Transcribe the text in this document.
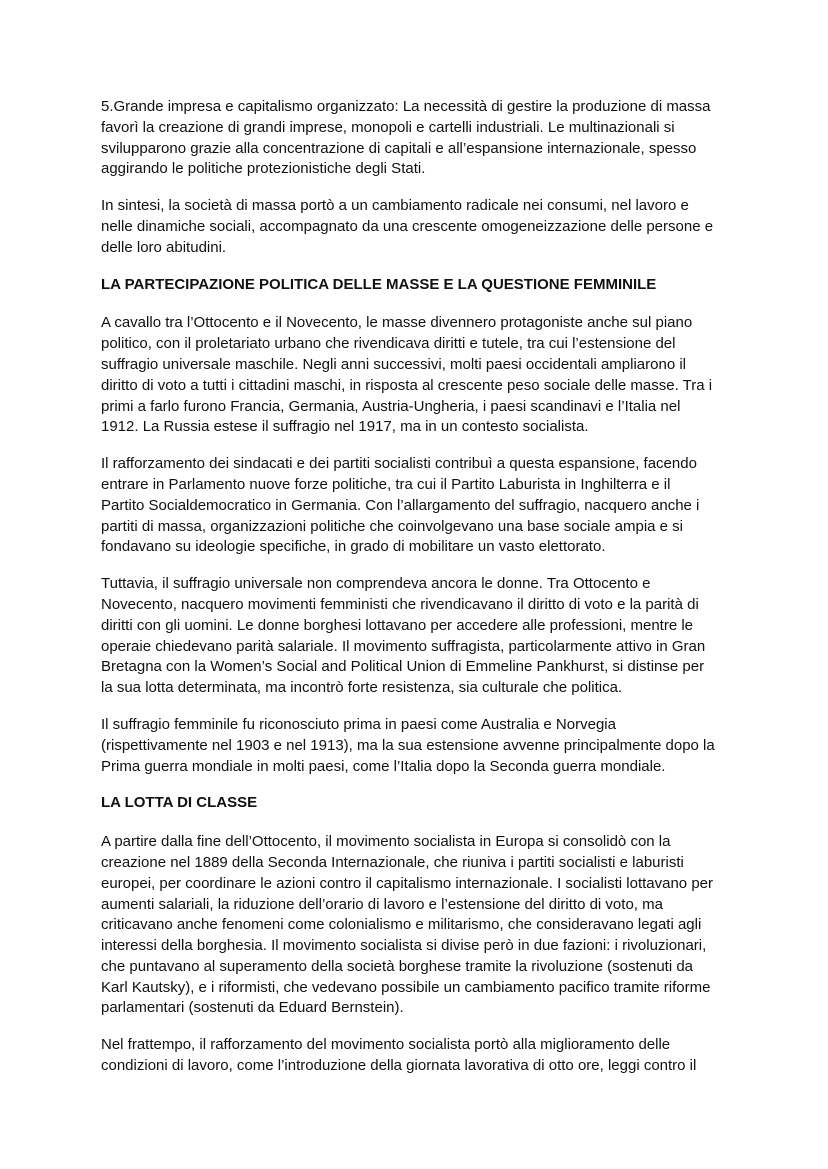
5.Grande impresa e capitalismo organizzato: La necessità di gestire la produzione di massa
favorì la creazione di grandi imprese, monopoli e cartelli industriali. Le multinazionali si
svilupparono grazie alla concentrazione di capitali e all’espansione internazionale, spesso
aggirando le politiche protezionistiche degli Stati.
In sintesi, la società di massa portò a un cambiamento radicale nei consumi, nel lavoro e
nelle dinamiche sociali, accompagnato da una crescente omogeneizzazione delle persone e
delle loro abitudini.
LA PARTECIPAZIONE POLITICA DELLE MASSE E LA QUESTIONE FEMMINILE
A cavallo tra l’Ottocento e il Novecento, le masse divennero protagoniste anche sul piano
politico, con il proletariato urbano che rivendicava diritti e tutele, tra cui l’estensione del
suffragio universale maschile. Negli anni successivi, molti paesi occidentali ampliarono il
diritto di voto a tutti i cittadini maschi, in risposta al crescente peso sociale delle masse. Tra i
primi a farlo furono Francia, Germania, Austria-Ungheria, i paesi scandinavi e l’Italia nel
1912. La Russia estese il suffragio nel 1917, ma in un contesto socialista.
Il rafforzamento dei sindacati e dei partiti socialisti contribuì a questa espansione, facendo
entrare in Parlamento nuove forze politiche, tra cui il Partito Laburista in Inghilterra e il
Partito Socialdemocratico in Germania. Con l’allargamento del suffragio, nacquero anche i
partiti di massa, organizzazioni politiche che coinvolgevano una base sociale ampia e si
fondavano su ideologie specifiche, in grado di mobilitare un vasto elettorato.
Tuttavia, il suffragio universale non comprendeva ancora le donne. Tra Ottocento e
Novecento, nacquero movimenti femministi che rivendicavano il diritto di voto e la parità di
diritti con gli uomini. Le donne borghesi lottavano per accedere alle professioni, mentre le
operaie chiedevano parità salariale. Il movimento suffragista, particolarmente attivo in Gran
Bretagna con la Women’s Social and Political Union di Emmeline Pankhurst, si distinse per
la sua lotta determinata, ma incontrò forte resistenza, sia culturale che politica.
Il suffragio femminile fu riconosciuto prima in paesi come Australia e Norvegia
(rispettivamente nel 1903 e nel 1913), ma la sua estensione avvenne principalmente dopo la
Prima guerra mondiale in molti paesi, come l’Italia dopo la Seconda guerra mondiale.
LA LOTTA DI CLASSE
A partire dalla fine dell’Ottocento, il movimento socialista in Europa si consolidò con la
creazione nel 1889 della Seconda Internazionale, che riuniva i partiti socialisti e laburisti
europei, per coordinare le azioni contro il capitalismo internazionale. I socialisti lottavano per
aumenti salariali, la riduzione dell’orario di lavoro e l’estensione del diritto di voto, ma
criticavano anche fenomeni come colonialismo e militarismo, che consideravano legati agli
interessi della borghesia. Il movimento socialista si divise però in due fazioni: i rivoluzionari,
che puntavano al superamento della società borghese tramite la rivoluzione (sostenuti da
Karl Kautsky), e i riformisti, che vedevano possibile un cambiamento pacifico tramite riforme
parlamentari (sostenuti da Eduard Bernstein).
Nel frattempo, il rafforzamento del movimento socialista portò alla miglioramento delle
condizioni di lavoro, come l’introduzione della giornata lavorativa di otto ore, leggi contro il
